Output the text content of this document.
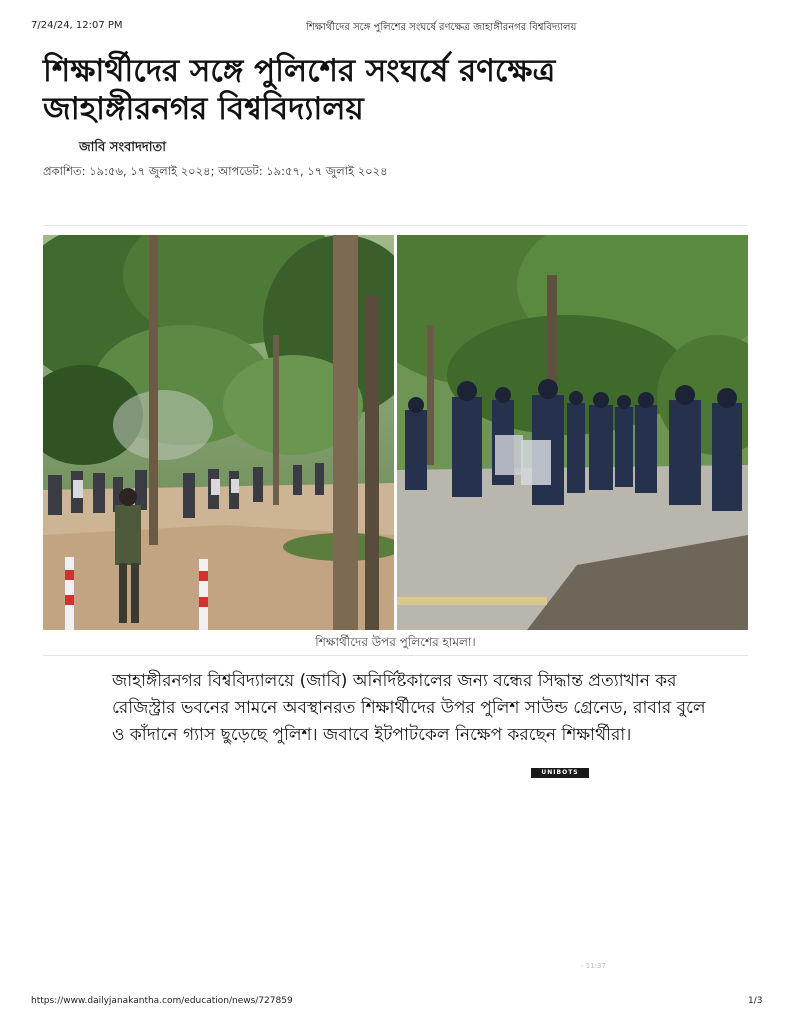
7/24/24, 12:07 PM	শিক্ষার্থীদের সঙ্গে পুলিশের সংঘর্ষে রণক্ষেত্র জাহাঙ্গীরনগর বিশ্ববিদ্যালয়
শিক্ষার্থীদের সঙ্গে পুলিশের সংঘর্ষে রণক্ষেত্র
জাহাঙ্গীরনগর বিশ্ববিদ্যালয়
জাবি সংবাদদাতা
প্রকাশিত: ১৯:৫৬, ১৭ জুলাই ২০২৪; আপডেট: ১৯:৫৭, ১৭ জুলাই ২০২৪
শিক্ষার্থীদের উপর পুলিশের হামলা।

জাহাঙ্গীরনগর বিশ্ববিদ্যালয়ে (জাবি) অনির্দিষ্টকালের জন্য বন্ধের সিদ্ধান্ত প্রত্যাখান কর
রেজিস্ট্রার ভবনের সামনে অবস্থানরত শিক্ষার্থীদের উপর পুলিশ সাউন্ড গ্রেনেড, রাবার বুলে
ও কাঁদানে গ্যাস ছুড়েছে পুলিশ। জবাবে ইটপাটকেল নিক্ষেপ করছেন শিক্ষার্থীরা।

UNIBOTS
- 11:37
https://www.dailyjanakantha.com/education/news/727859	1/3
